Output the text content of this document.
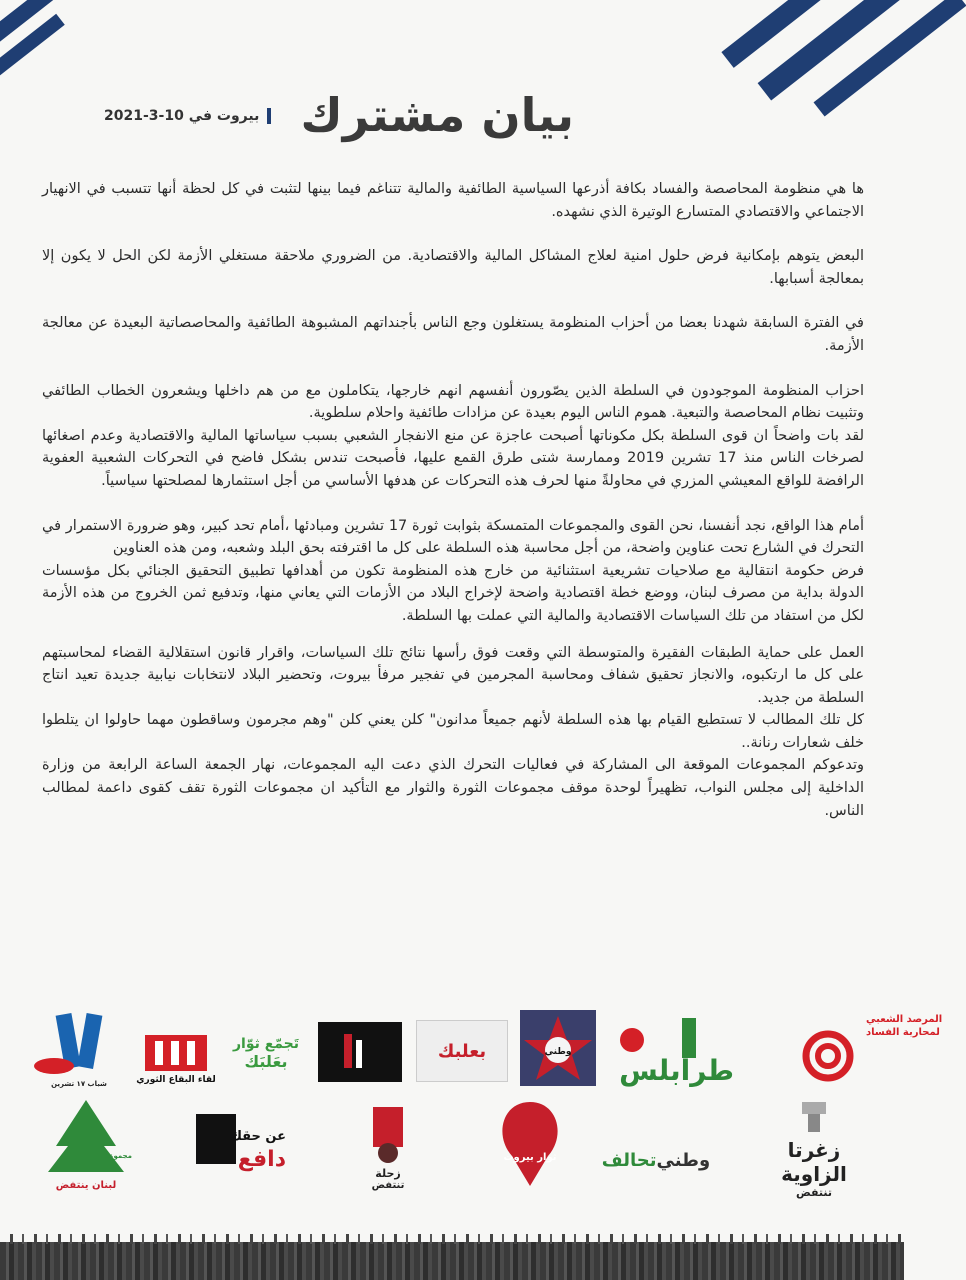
بيان مشترك
بيروت في 10-3-2021

ها هي منظومة المحاصصة والفساد بكافة أذرعها السياسية الطائفية والمالية تتناغم فيما بينها لتثبت في كل لحظة أنها تتسبب في الانهيار الاجتماعي والاقتصادي المتسارع الوتيرة الذي نشهده.

البعض يتوهم بإمكانية فرض حلول امنية لعلاج المشاكل المالية والاقتصادية. من الضروري ملاحقة مستغلي الأزمة لكن الحل لا يكون إلا بمعالجة أسبابها.

في الفترة السابقة شهدنا بعضا من أحزاب المنظومة يستغلون وجع الناس بأجنداتهم المشبوهة الطائفية والمحاصصاتية البعيدة عن معالجة الأزمة.

احزاب المنظومة الموجودون في السلطة الذين يصّورون أنفسهم انهم خارجها، يتكاملون مع من هم داخلها ويشعرون الخطاب الطائفي وتثبيت نظام المحاصصة والتبعية. هموم الناس اليوم بعيدة عن مزادات طائفية واحلام سلطوية.

لقد بات واضحاً ان قوى السلطة بكل مكوناتها أصبحت عاجزة عن منع الانفجار الشعبي بسبب سياساتها المالية والاقتصادية وعدم اصغائها لصرخات الناس منذ 17 تشرين 2019 وممارسة شتى طرق القمع عليها، فأصبحت تندس بشكل فاضح في التحركات الشعبية العفوية الرافضة للواقع المعيشي المزري في محاولةً منها لحرف هذه التحركات عن هدفها الأساسي من أجل استثمارها لمصلحتها سياسياً.

أمام هذا الواقع، نجد أنفسنا، نحن القوى والمجموعات المتمسكة بثوابت ثورة 17 تشرين ومبادئها ،أمام تحد كبير، وهو ضرورة الاستمرار في التحرك في الشارع تحت عناوين واضحة، من أجل محاسبة هذه السلطة على كل ما اقترفته بحق البلد وشعبه، ومن هذه العناوين

فرض حكومة انتقالية مع صلاحيات تشريعية استثنائية من خارج هذه المنظومة تكون من أهدافها تطبيق التحقيق الجنائي بكل مؤسسات الدولة بداية من مصرف لبنان، ووضع خطة اقتصادية واضحة لإخراج البلاد من الأزمات التي يعاني منها، وتدفيع ثمن الخروج من هذه الأزمة لكل من استفاد من تلك السياسات الاقتصادية والمالية التي عملت بها السلطة.

العمل على حماية الطبقات الفقيرة والمتوسطة التي وقعت فوق رأسها نتائج تلك السياسات، واقرار قانون استقلالية القضاء لمحاسبتهم على كل ما ارتكبوه، والانجاز تحقيق شفاف ومحاسبة المجرمين في تفجير مرفأ بيروت، وتحضير البلاد لانتخابات نيابية جديدة تعيد انتاج السلطة من جديد.

كل تلك المطالب لا تستطيع القيام بها هذه السلطة لأنهم جميعاً مدانون" كلن يعني كلن "وهم مجرمون وساقطون مهما حاولوا ان يتلطوا خلف شعارات رنانة..

وتدعوكم المجموعات الموقعة الى المشاركة في فعاليات التحرك الذي دعت اليه المجموعات، نهار الجمعة الساعة الرابعة من وزارة الداخلية إلى مجلس النواب، تظهيراً لوحدة موقف مجموعات الثورة والثوار مع التأكيد ان مجموعات الثورة تقف كقوى داعمة لمطالب الناس.

المرصد الشعبي
لمحاربة الفساد
طرابلس
وطني
بعلبك
تَجمّع ثوّار
بعَلبَك
لقاء البقاع الثوري
شباب ١٧ تشرين
زغرتا الزاوية
تنتفض
تحالف وطني
ثوار بيروت
زحلة
تنتفض
عن حقك
دافع
لبنان ينتفض
مجموعة
